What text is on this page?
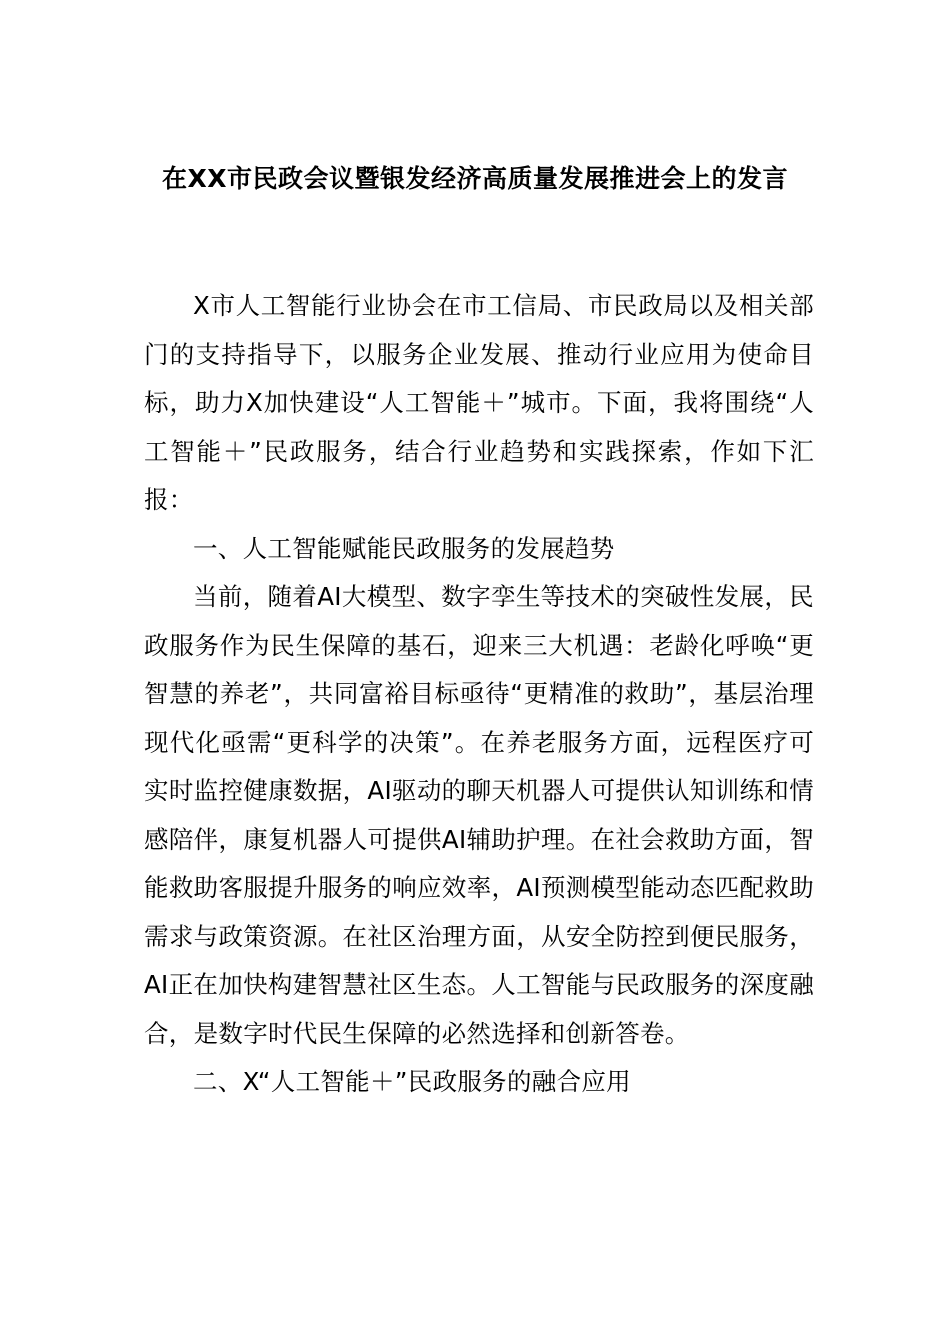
在XX市民政会议暨银发经济高质量发展推进会上的发言

X市人工智能行业协会在市工信局、市民政局以及相关部门的支持指导下，以服务企业发展、推动行业应用为使命目标，助力X加快建设“人工智能＋”城市。下面，我将围绕“人工智能＋”民政服务，结合行业趋势和实践探索，作如下汇报：

一、人工智能赋能民政服务的发展趋势

当前，随着AI大模型、数字孪生等技术的突破性发展，民政服务作为民生保障的基石，迎来三大机遇：老龄化呼唤“更智慧的养老”，共同富裕目标亟待“更精准的救助”，基层治理现代化亟需“更科学的决策”。在养老服务方面，远程医疗可实时监控健康数据，AI驱动的聊天机器人可提供认知训练和情感陪伴，康复机器人可提供AI辅助护理。在社会救助方面，智能救助客服提升服务的响应效率，AI预测模型能动态匹配救助需求与政策资源。在社区治理方面，从安全防控到便民服务，AI正在加快构建智慧社区生态。人工智能与民政服务的深度融合，是数字时代民生保障的必然选择和创新答卷。

二、X“人工智能＋”民政服务的融合应用
